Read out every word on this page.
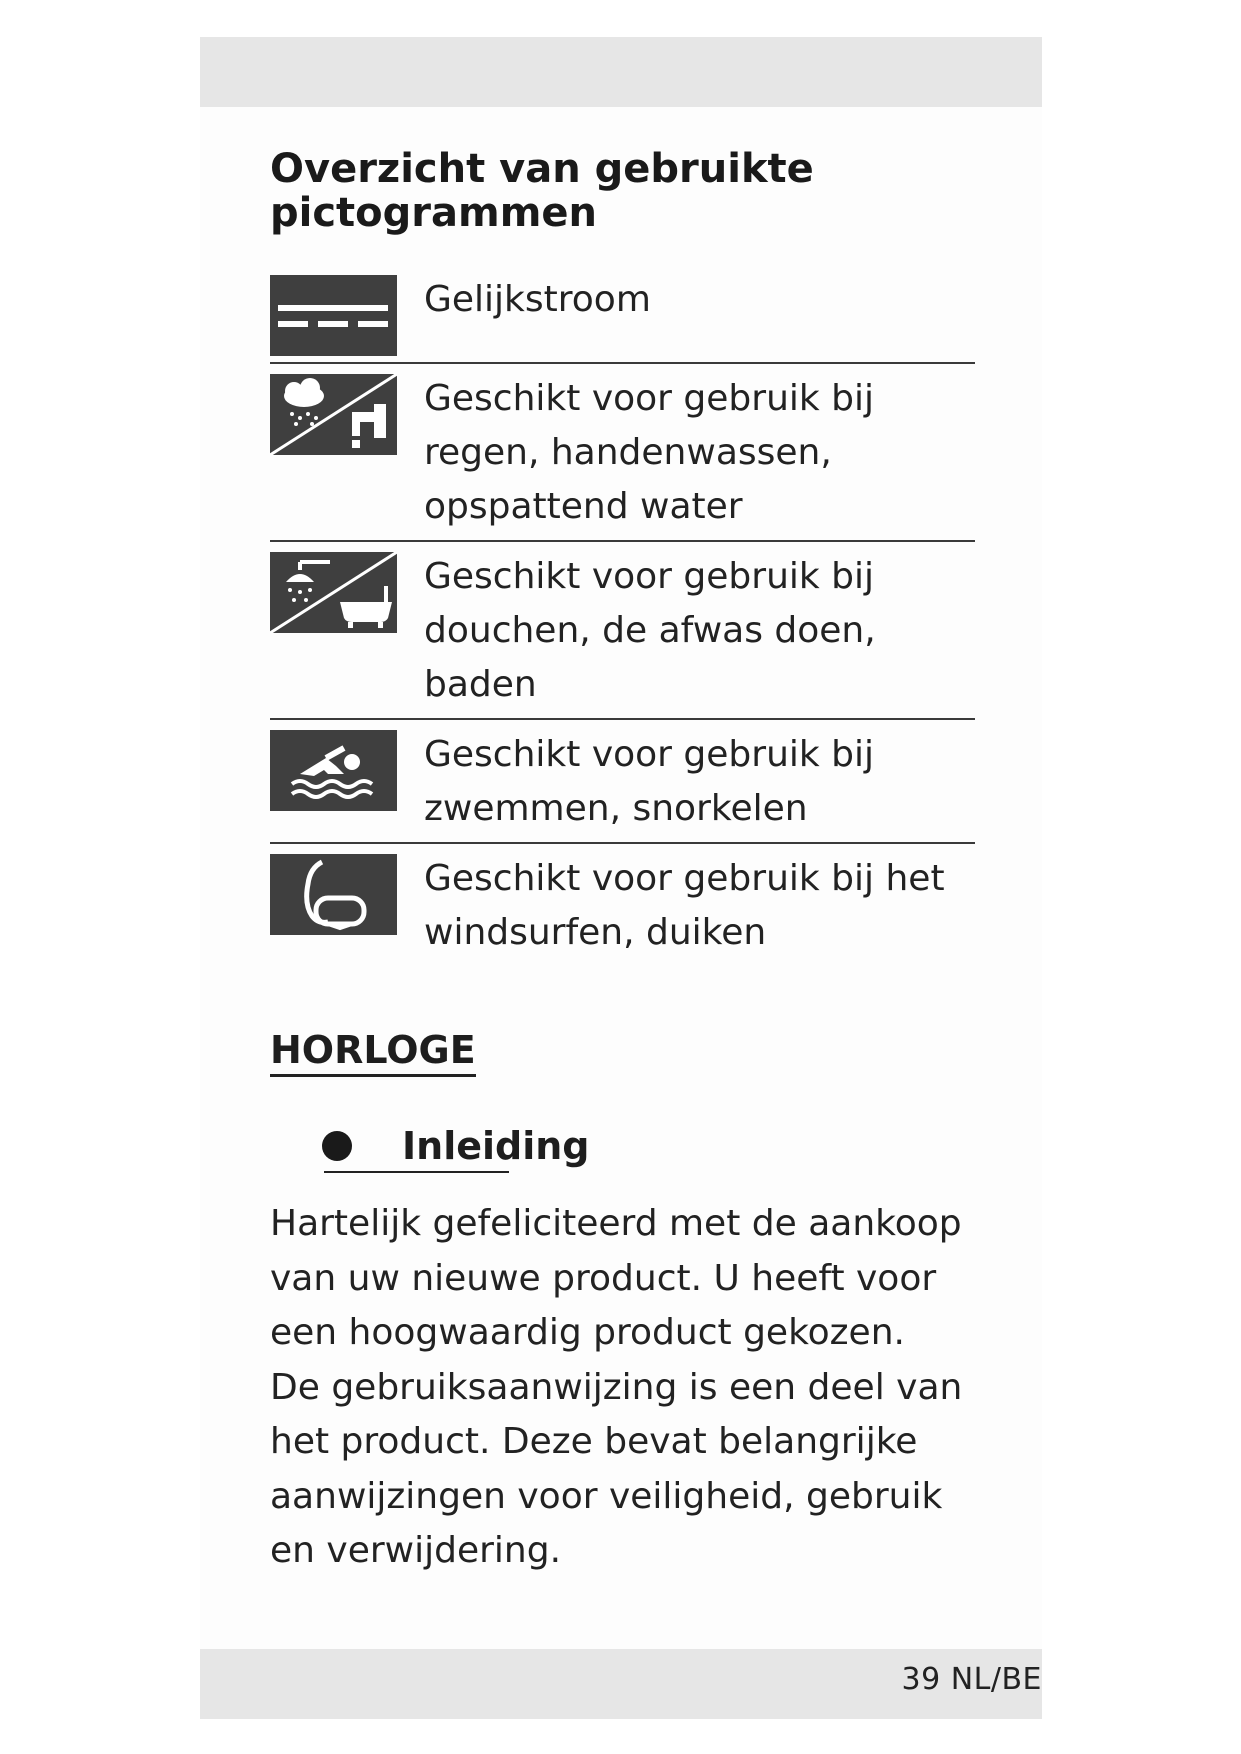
Overzicht van gebruikte pictogrammen
Gelijkstroom
Geschikt voor gebruik bij regen, handenwassen, opspattend water
Geschikt voor gebruik bij douchen, de afwas doen, baden
Geschikt voor gebruik bij zwemmen, snorkelen
Geschikt voor gebruik bij het windsurfen, duiken
HORLOGE
Inleiding

Hartelijk gefeliciteerd met de aankoop van uw nieuwe product. U heeft voor een hoogwaardig product gekozen.

De gebruiksaanwijzing is een deel van het product. Deze bevat belangrijke aanwijzingen voor veiligheid, gebruik en verwijdering.

39 NL/BE
